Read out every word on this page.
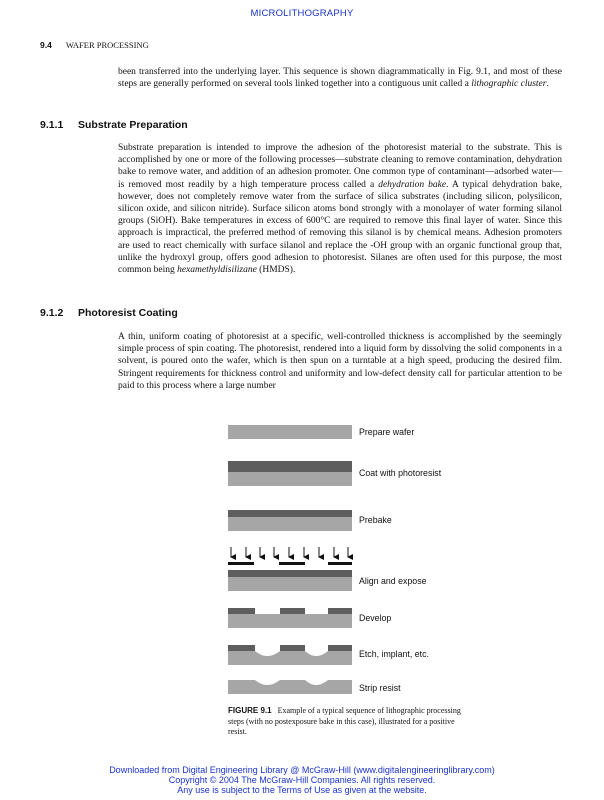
MICROLITHOGRAPHY
9.4 WAFER PROCESSING
been transferred into the underlying layer. This sequence is shown diagrammatically in Fig. 9.1, and most of these steps are generally performed on several tools linked together into a contiguous unit called a lithographic cluster.
9.1.1 Substrate Preparation
Substrate preparation is intended to improve the adhesion of the photoresist material to the substrate. This is accomplished by one or more of the following processes—substrate cleaning to remove contamination, dehydration bake to remove water, and addition of an adhesion promoter. One common type of contaminant—adsorbed water—is removed most readily by a high temperature process called a dehydration bake. A typical dehydration bake, however, does not completely remove water from the surface of silica substrates (including silicon, polysilicon, silicon oxide, and silicon nitride). Surface silicon atoms bond strongly with a monolayer of water forming silanol groups (SiOH). Bake temperatures in excess of 600°C are required to remove this final layer of water. Since this approach is impractical, the preferred method of removing this silanol is by chemical means. Adhesion promoters are used to react chemically with surface silanol and replace the -OH group with an organic functional group that, unlike the hydroxyl group, offers good adhesion to photoresist. Silanes are often used for this purpose, the most common being hexamethyldisilizane (HMDS).
9.1.2 Photoresist Coating
A thin, uniform coating of photoresist at a specific, well-controlled thickness is accomplished by the seemingly simple process of spin coating. The photoresist, rendered into a liquid form by dissolving the solid components in a solvent, is poured onto the wafer, which is then spun on a turntable at a high speed, producing the desired film. Stringent requirements for thickness control and uniformity and low-defect density call for particular attention to be paid to this process where a large number
Prepare wafer
Coat with photoresist
Prebake
Align and expose
Develop
Etch, implant, etc.
Strip resist
FIGURE 9.1 Example of a typical sequence of lithographic processing steps (with no postexposure bake in this case), illustrated for a positive resist.
Downloaded from Digital Engineering Library @ McGraw-Hill (www.digitalengineeringlibrary.com)
Copyright © 2004 The McGraw-Hill Companies. All rights reserved.
Any use is subject to the Terms of Use as given at the website.
